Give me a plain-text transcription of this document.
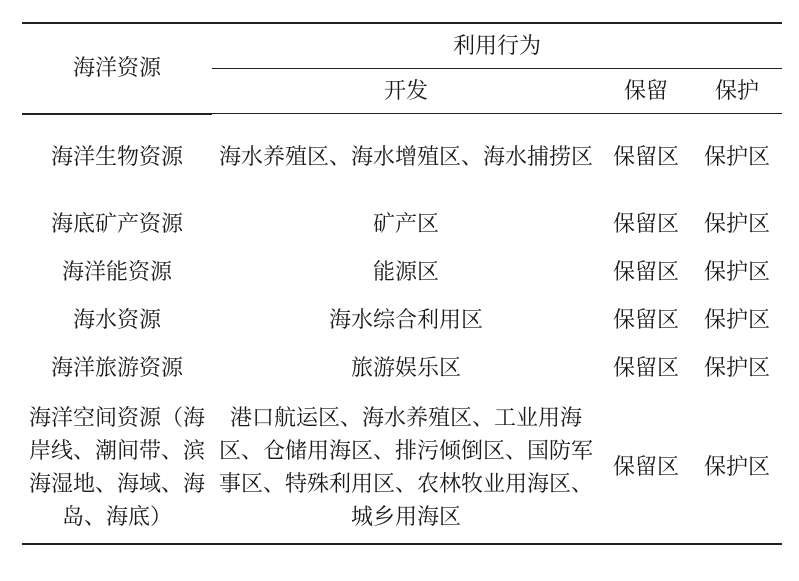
海洋资源	利用行为		
	开发	保留	保护
海洋生物资源	海水养殖区、海水增殖区、海水捕捞区	保留区	保护区
海底矿产资源	矿产区	保留区	保护区
海洋能资源	能源区	保留区	保护区
海水资源	海水综合利用区	保留区	保护区
海洋旅游资源	旅游娱乐区	保留区	保护区
海洋空间资源（海岸线、潮间带、滨海湿地、海域、海岛、海底）	港口航运区、海水养殖区、工业用海区、仓储用海区、排污倾倒区、国防军事区、特殊利用区、农林牧业用海区、城乡用海区	保留区	保护区
